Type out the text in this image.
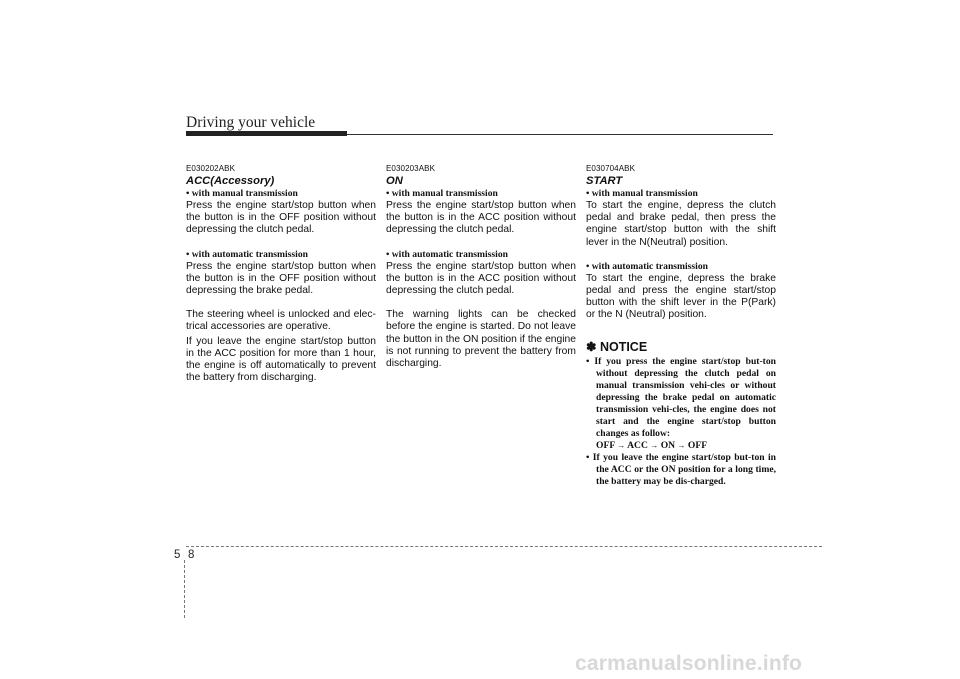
Driving your vehicle

E030202ABK

ACC(Accessory)

• with manual transmission

Press the engine start/stop button when the button is in the OFF position without depressing the clutch pedal.

• with automatic transmission

Press the engine start/stop button when the button is in the OFF position without depressing the brake pedal.

The steering wheel is unlocked and elec-trical accessories are operative.

If you leave the engine start/stop button in the ACC position for more than 1 hour, the engine is off automatically to prevent the battery from discharging.

E030203ABK

ON

• with manual transmission

Press the engine start/stop button when the button is in the ACC position without depressing the clutch pedal.

• with automatic transmission

Press the engine start/stop button when the button is in the ACC position without depressing the clutch pedal.

The warning lights can be checked before the engine is started. Do not leave the button in the ON position if the engine is not running to prevent the battery from discharging.

E030704ABK

START

• with manual transmission

To start the engine, depress the clutch pedal and brake pedal, then press the engine start/stop button with the shift lever in the N(Neutral) position.

• with automatic transmission

To start the engine, depress the brake pedal and press the engine start/stop button with the shift lever in the P(Park) or the N (Neutral) position.

✽ NOTICE

• If you press the engine start/stop but-ton without depressing the clutch pedal on manual transmission vehi-cles or without depressing the brake pedal on automatic transmission vehi-cles, the engine does not start and the engine start/stop button changes as follow:
OFF → ACC → ON → OFF
• If you leave the engine start/stop but-ton in the ACC or the ON position for a long time, the battery may be dis-charged.
5 8
carmanualsonline.info
